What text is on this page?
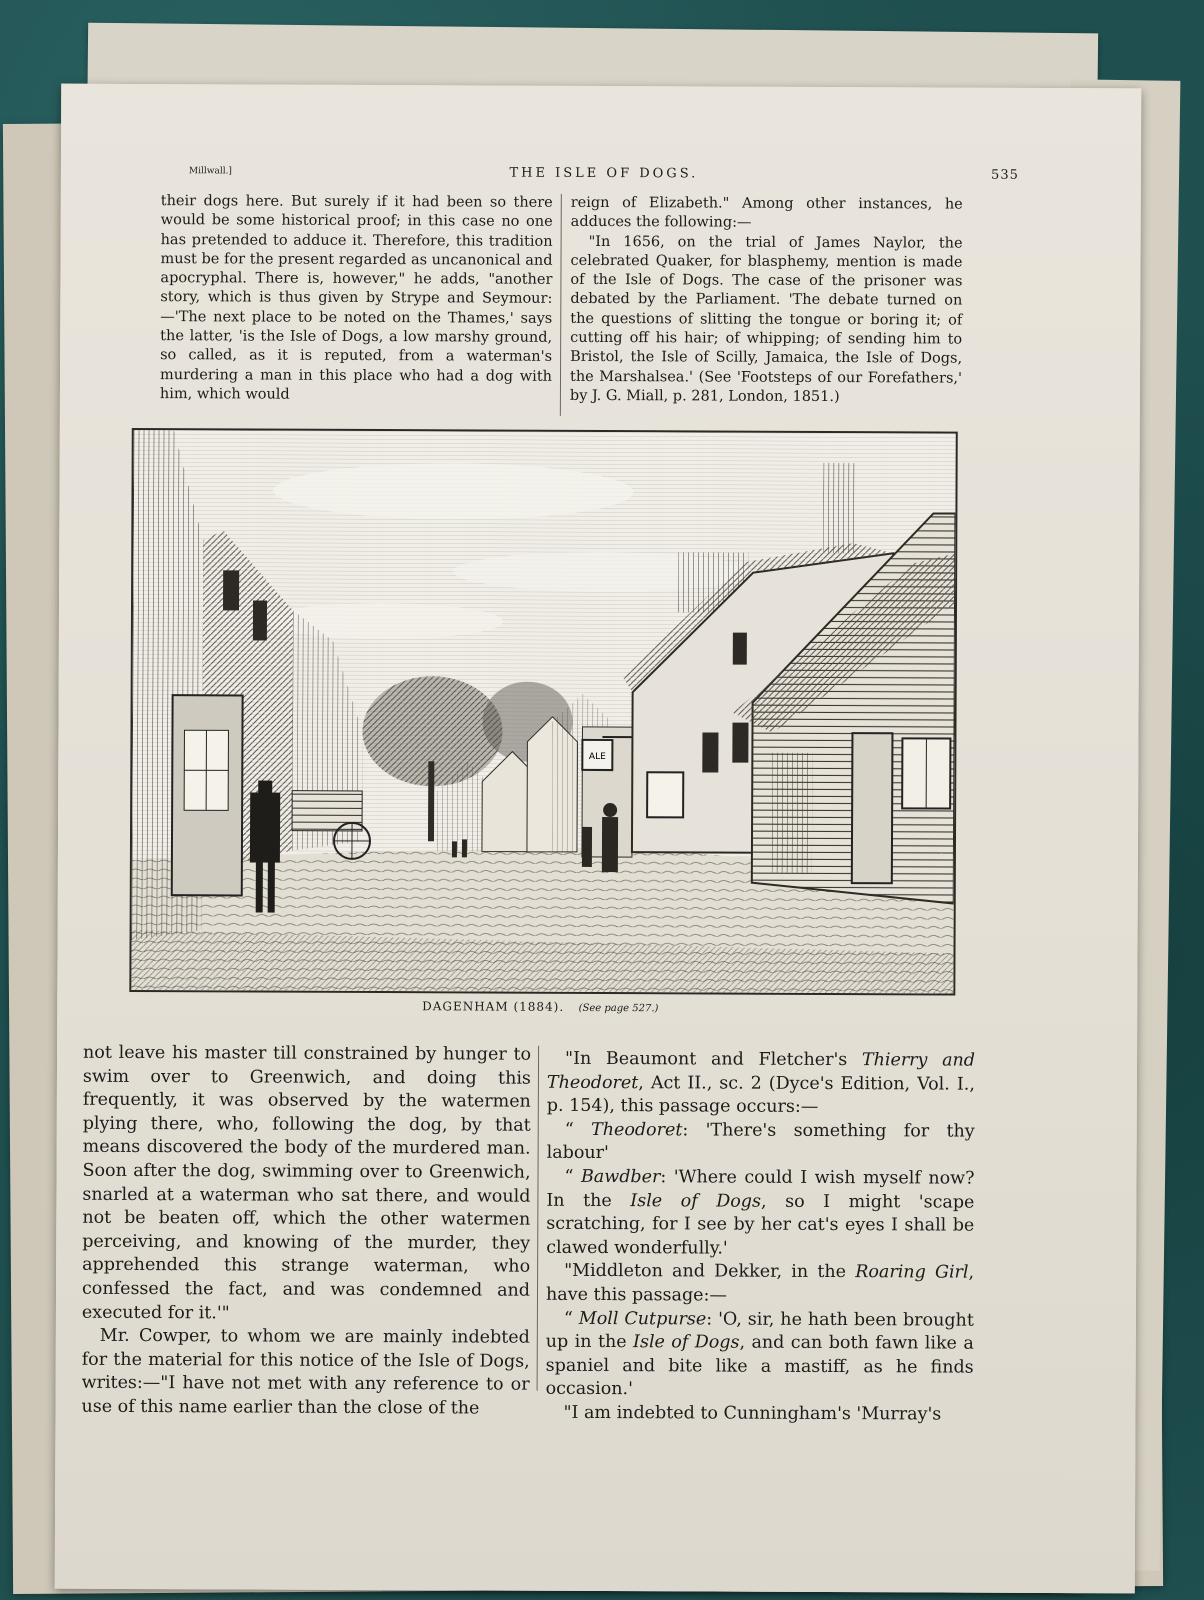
Millwall.]	THE ISLE OF DOGS.	535

their dogs here. But surely if it had been so there would be some historical proof; in this case no one has pretended to adduce it. Therefore, this tradition must be for the present regarded as uncanonical and apocryphal. There is, however," he adds, "another story, which is thus given by Strype and Seymour:—'The next place to be noted on the Thames,' says the latter, 'is the Isle of Dogs, a low marshy ground, so called, as it is reputed, from a waterman's murdering a man in this place who had a dog with him, which would

reign of Elizabeth." Among other instances, he adduces the following:—

"In 1656, on the trial of James Naylor, the celebrated Quaker, for blasphemy, mention is made of the Isle of Dogs. The case of the prisoner was debated by the Parliament. 'The debate turned on the questions of slitting the tongue or boring it; of cutting off his hair; of whipping; of sending him to Bristol, the Isle of Scilly, Jamaica, the Isle of Dogs, the Marshalsea.' (See 'Footsteps of our Forefathers,' by J. G. Miall, p. 281, London, 1851.)

ALE
DAGENHAM (1884). (See page 527.)

not leave his master till constrained by hunger to swim over to Greenwich, and doing this frequently, it was observed by the watermen plying there, who, following the dog, by that means discovered the body of the murdered man. Soon after the dog, swimming over to Greenwich, snarled at a waterman who sat there, and would not be beaten off, which the other watermen perceiving, and knowing of the murder, they apprehended this strange waterman, who confessed the fact, and was condemned and executed for it.'"

Mr. Cowper, to whom we are mainly indebted for the material for this notice of the Isle of Dogs, writes:—"I have not met with any reference to or use of this name earlier than the close of the

"In Beaumont and Fletcher's Thierry and Theodoret, Act II., sc. 2 (Dyce's Edition, Vol. I., p. 154), this passage occurs:—

“ Theodoret: 'There's something for thy labour'

“ Bawdber: 'Where could I wish myself now? In the Isle of Dogs, so I might 'scape scratching, for I see by her cat's eyes I shall be clawed wonderfully.'

"Middleton and Dekker, in the Roaring Girl, have this passage:—

“ Moll Cutpurse: 'O, sir, he hath been brought up in the Isle of Dogs, and can both fawn like a spaniel and bite like a mastiff, as he finds occasion.'

"I am indebted to Cunningham's 'Murray's
